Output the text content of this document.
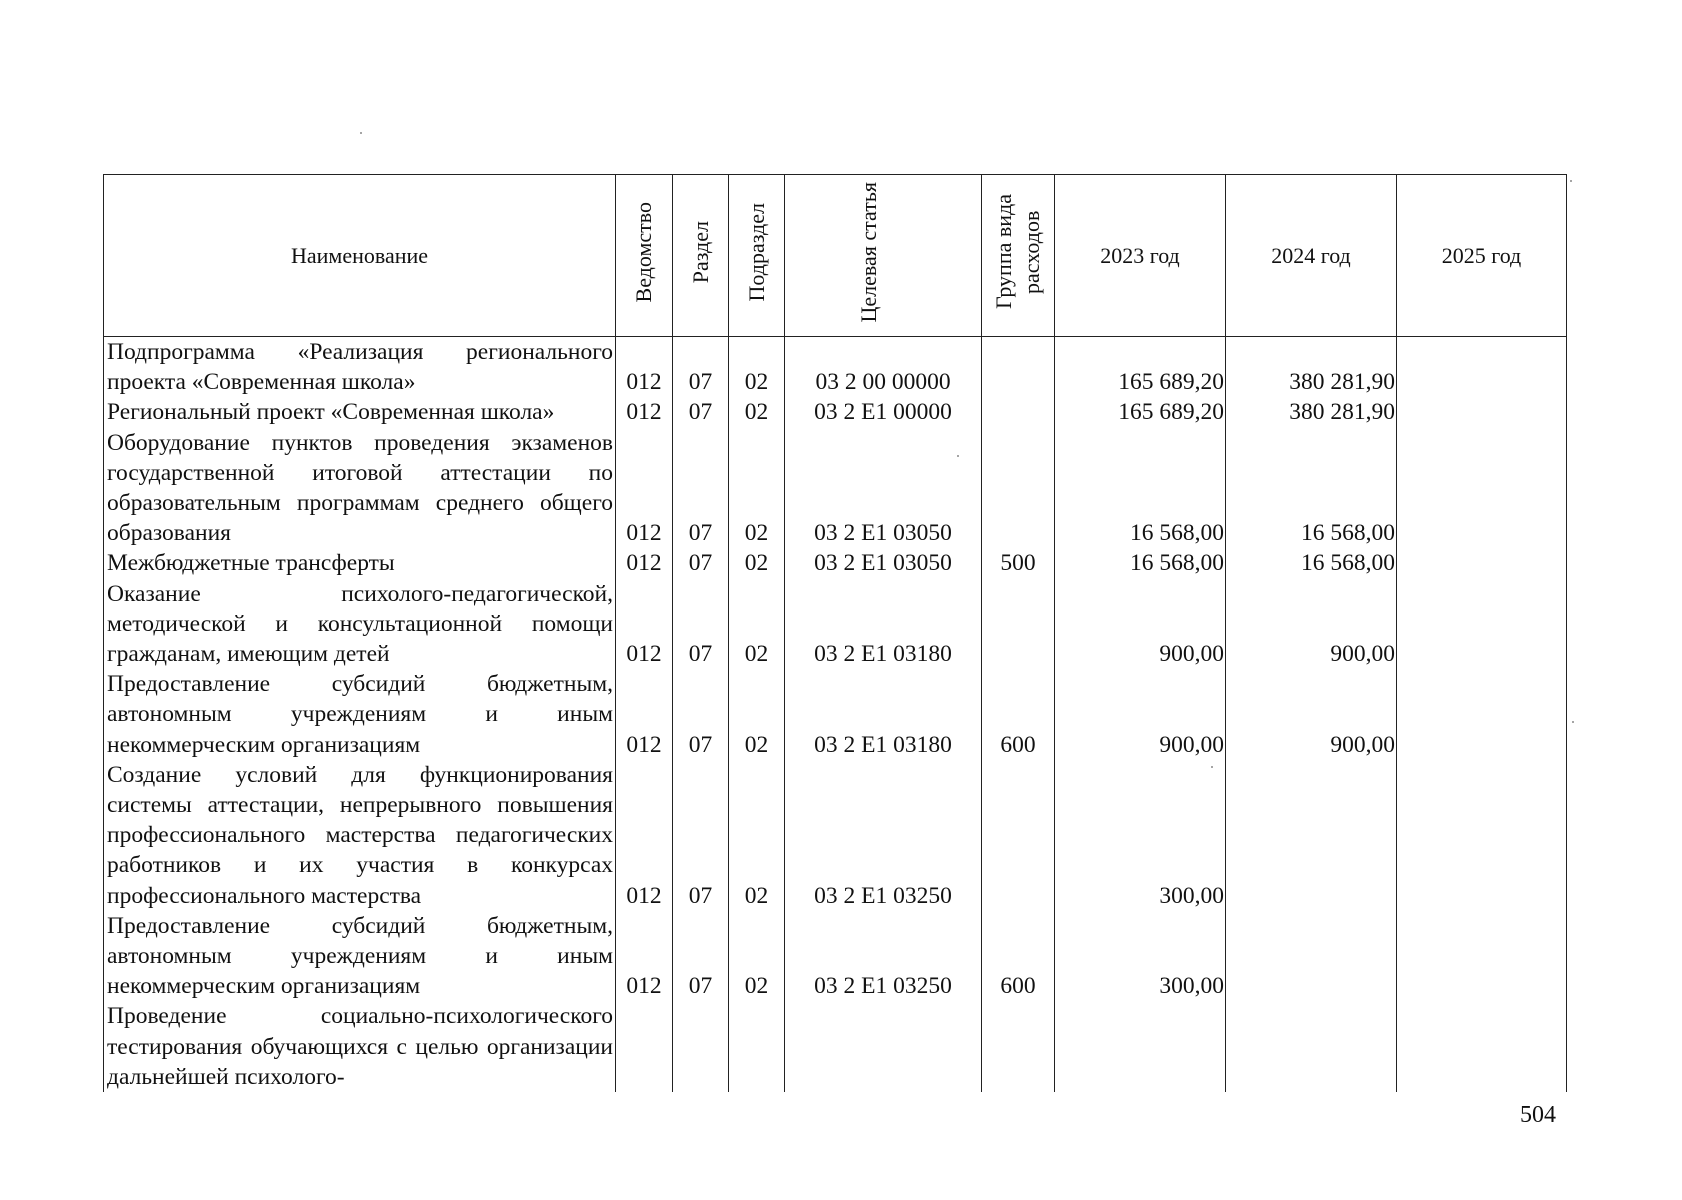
Наименование	Ведомство	Раздел	Подраздел	Целевая статья	Группа вида расходов	2023 год	2024 год	2025 год
Подпрограмма «Реализация регионального проекта «Современная школа»	012	07	02	03 2 00 00000		165 689,20	380 281,90	
Региональный проект «Современная школа»	012	07	02	03 2 E1 00000		165 689,20	380 281,90	
Оборудование пунктов проведения экзаменов государственной итоговой аттестации по образовательным программам среднего общего образования	012	07	02	03 2 E1 03050		16 568,00	16 568,00	
Межбюджетные трансферты	012	07	02	03 2 E1 03050	500	16 568,00	16 568,00	
Оказание психолого-педагогической, методической и консультационной помощи гражданам, имеющим детей	012	07	02	03 2 E1 03180		900,00	900,00	
Предоставление субсидий бюджетным, автономным учреждениям и иным некоммерческим организациям	012	07	02	03 2 E1 03180	600	900,00	900,00	
Создание условий для функционирования системы аттестации, непрерывного повышения профессионального мастерства педагогических работников и их участия в конкурсах профессионального мастерства	012	07	02	03 2 E1 03250		300,00		
Предоставление субсидий бюджетным, автономным учреждениям и иным некоммерческим организациям	012	07	02	03 2 E1 03250	600	300,00		
Проведение социально-психологического тестирования обучающихся с целью организации дальнейшей психолого-								
504
